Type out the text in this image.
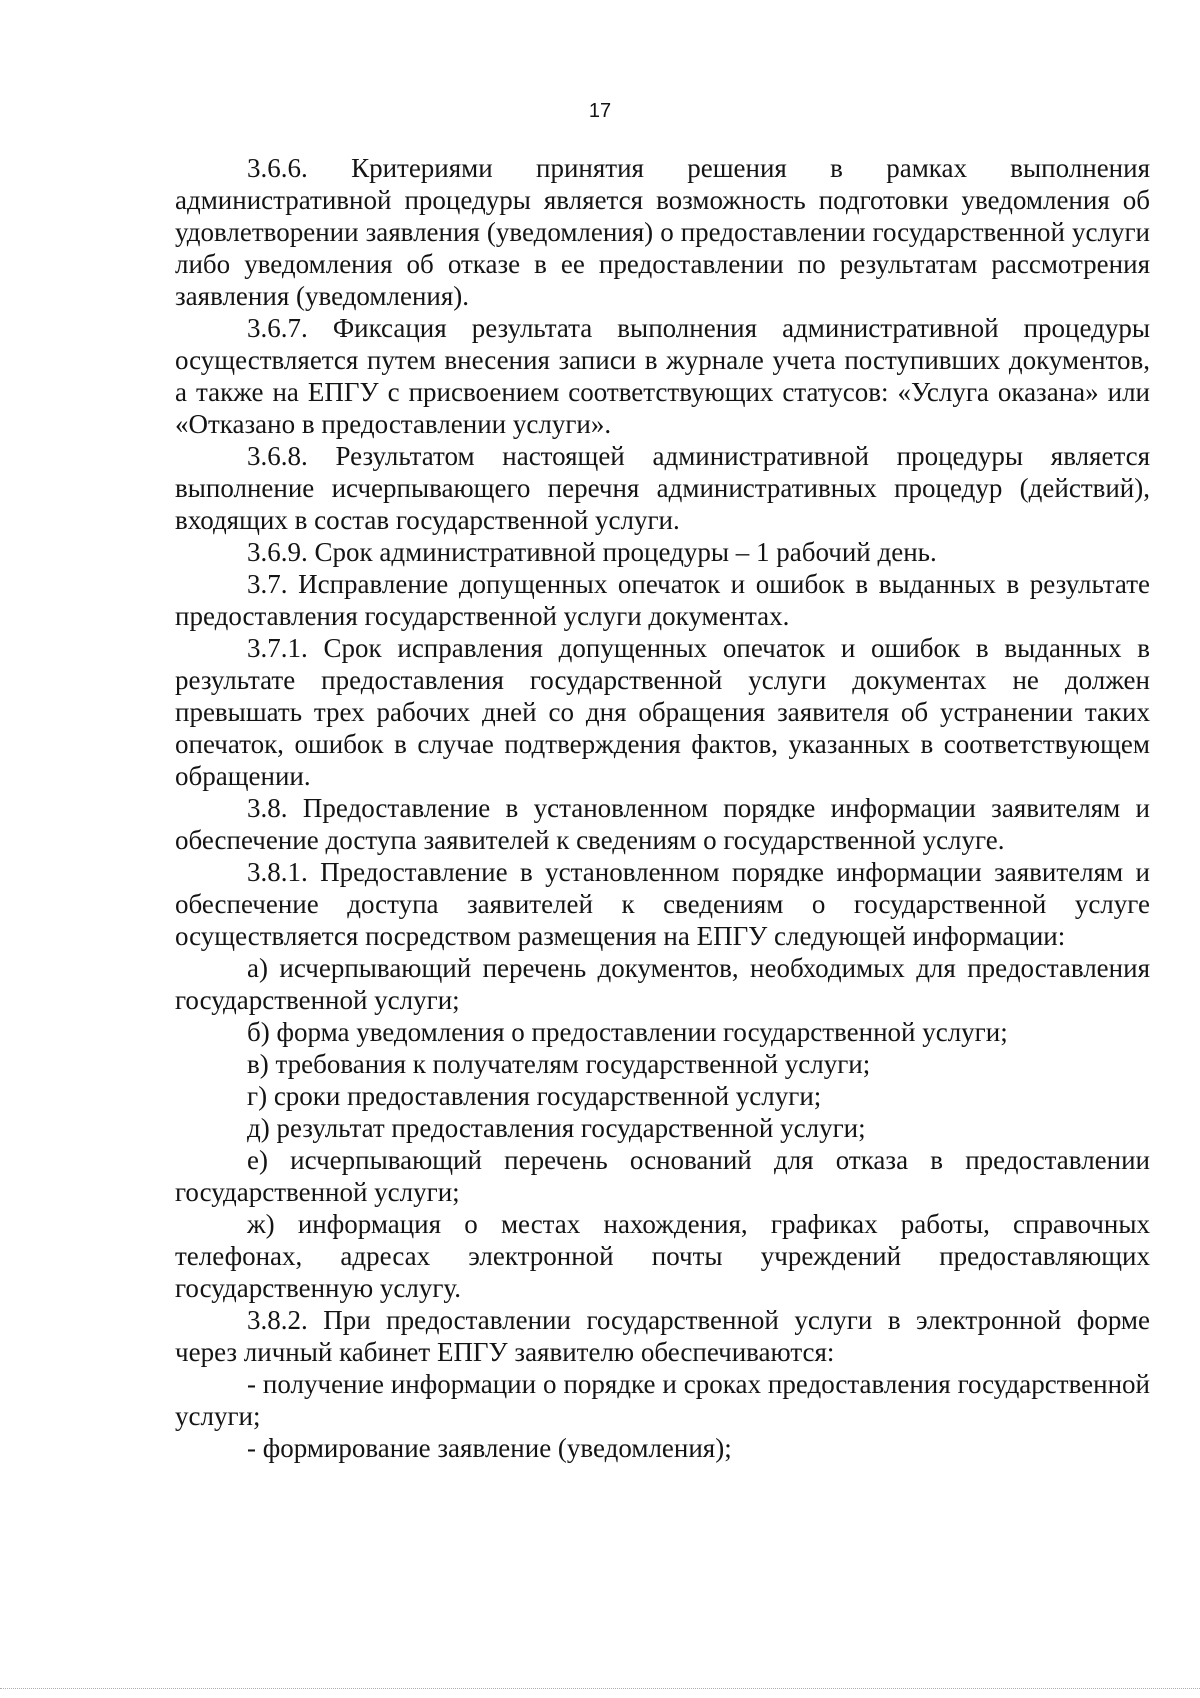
17

3.6.6. Критериями принятия решения в рамках выполнения административной процедуры является возможность подготовки уведомления об удовлетворении заявления (уведомления) о предоставлении государственной услуги либо уведомления об отказе в ее предоставлении по результатам рассмотрения заявления (уведомления).

3.6.7. Фиксация результата выполнения административной процедуры осуществляется путем внесения записи в журнале учета поступивших документов, а также на ЕПГУ с присвоением соответствующих статусов: «Услуга оказана» или «Отказано в предоставлении услуги».

3.6.8. Результатом настоящей административной процедуры является выполнение исчерпывающего перечня административных процедур (действий), входящих в состав государственной услуги.

3.6.9. Срок административной процедуры – 1 рабочий день.

3.7. Исправление допущенных опечаток и ошибок в выданных в результате предоставления государственной услуги документах.

3.7.1. Срок исправления допущенных опечаток и ошибок в выданных в результате предоставления государственной услуги документах не должен превышать трех рабочих дней со дня обращения заявителя об устранении таких опечаток, ошибок в случае подтверждения фактов, указанных в соответствующем обращении.

3.8. Предоставление в установленном порядке информации заявителям и обеспечение доступа заявителей к сведениям о государственной услуге.

3.8.1. Предоставление в установленном порядке информации заявителям и обеспечение доступа заявителей к сведениям о государственной услуге осуществляется посредством размещения на ЕПГУ следующей информации:

а) исчерпывающий перечень документов, необходимых для предоставления государственной услуги;

б) форма уведомления о предоставлении государственной услуги;

в) требования к получателям государственной услуги;

г) сроки предоставления государственной услуги;

д) результат предоставления государственной услуги;

е) исчерпывающий перечень оснований для отказа в предоставлении государственной услуги;

ж) информация о местах нахождения, графиках работы, справочных телефонах, адресах электронной почты учреждений предоставляющих государственную услугу.

3.8.2. При предоставлении государственной услуги в электронной форме через личный кабинет ЕПГУ заявителю обеспечиваются:

- получение информации о порядке и сроках предоставления государственной услуги;

- формирование заявление (уведомления);
